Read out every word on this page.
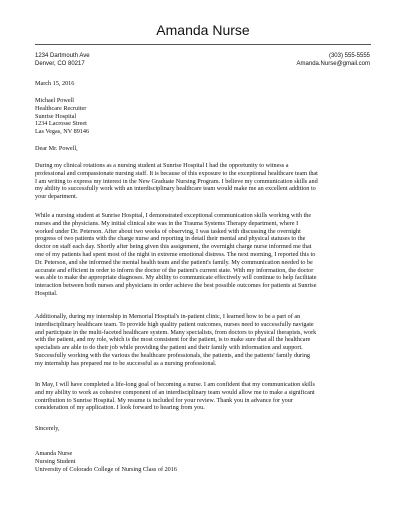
Amanda Nurse
1234 Dartmouth Ave
Denver, CO 80217
(303) 555-5555
Amanda.Nurse@gmail.com
March 15, 2016
Michael Powell
Healthcare Recruiter
Sunrise Hospital
1234 Lacrosse Street
Las Vegas, NV 89146
Dear Mr. Powell,
During my clinical rotations as a nursing student at Sunrise Hospital I had the opportunity to witness a
professional and compassionate nursing staff. It is because of this exposure to the exceptional healthcare team that
I am writing to express my interest in the New Graduate Nursing Program. I believe my communication skills and
my ability to successfully work with an interdisciplinary healthcare team would make me an excellent addition to
your department.
While a nursing student at Sunrise Hospital, I demonstrated exceptional communication skills working with the
nurses and the physicians. My initial clinical site was in the Trauma Systems Therapy department, where I
worked under Dr. Peterson. After about two weeks of observing, I was tasked with discussing the overnight
progress of two patients with the charge nurse and reporting in detail their mental and physical statuses to the
doctor on staff each day. Shortly after being given this assignment, the overnight charge nurse informed me that
one of my patients had spent most of the night in extreme emotional distress. The next morning, I reported this to
Dr. Peterson, and she informed the mental health team and the patient's family. My communication needed to be
accurate and efficient in order to inform the doctor of the patient's current state. With my information, the doctor
was able to make the appropriate diagnoses. My ability to communicate effectively will continue to help facilitate
interaction between both nurses and physicians in order achieve the best possible outcomes for patients at Sunrise
Hospital.
Additionally, during my internship in Memorial Hospital's in-patient clinic, I learned how to be a part of an
interdisciplinary healthcare team. To provide high quality patient outcomes, nurses need to successfully navigate
and participate in the multi-faceted healthcare system. Many specialists, from doctors to physical therapists, work
with the patient, and my role, which is the most consistent for the patient, is to make sure that all the healthcare
specialists are able to do their job while providing the patient and their family with information and support.
Successfully working with the various the healthcare professionals, the patients, and the patients' family during
my internship has prepared me to be successful as a nursing professional.
In May, I will have completed a life-long goal of becoming a nurse. I am confident that my communication skills
and my ability to work as cohesive component of an interdisciplinary team would allow me to make a significant
contribution to Sunrise Hospital. My resume is included for your review. Thank you in advance for your
consideration of my application. I look forward to hearing from you.
Sincerely,
Amanda Nurse
Nursing Student
University of Colorado College of Nursing Class of 2016
